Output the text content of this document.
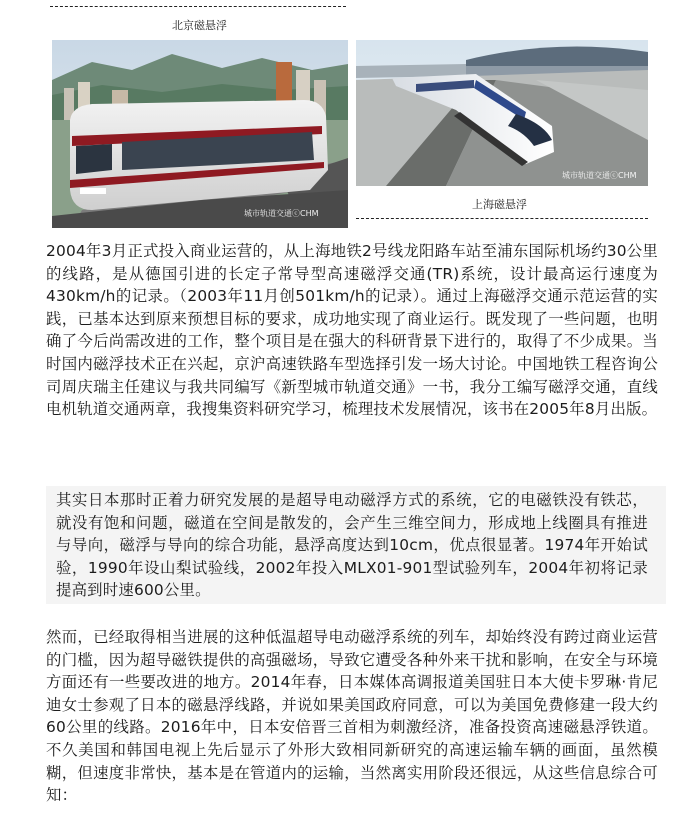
北京磁悬浮
城市轨道交通ⓒCHM
城市轨道交通ⓒCHM
上海磁悬浮

2004年3月正式投入商业运营的，从上海地铁2号线龙阳路车站至浦东国际机场约30公里的线路，是从德国引进的长定子常导型高速磁浮交通(TR)系统，设计最高运行速度为430km/h的记录。（2003年11月创501km/h的记录）。通过上海磁浮交通示范运营的实践，已基本达到原来预想目标的要求，成功地实现了商业运行。既发现了一些问题，也明确了今后尚需改进的工作，整个项目是在强大的科研背景下进行的，取得了不少成果。当时国内磁浮技术正在兴起，京沪高速铁路车型选择引发一场大讨论。中国地铁工程咨询公司周庆瑞主任建议与我共同编写《新型城市轨道交通》一书，我分工编写磁浮交通，直线电机轨道交通两章，我搜集资料研究学习，梳理技术发展情况，该书在2005年8月出版。

其实日本那时正着力研究发展的是超导电动磁浮方式的系统，它的电磁铁没有铁芯，就没有饱和问题，磁道在空间是散发的，会产生三维空间力，形成地上线圈具有推进与导向，磁浮与导向的综合功能，悬浮高度达到10cm，优点很显著。1974年开始试验，1990年设山梨试验线，2002年投入MLX01-901型试验列车，2004年初将记录提高到时速600公里。

然而，已经取得相当进展的这种低温超导电动磁浮系统的列车，却始终没有跨过商业运营的门槛，因为超导磁铁提供的高强磁场，导致它遭受各种外来干扰和影响，在安全与环境方面还有一些要改进的地方。2014年春，日本媒体高调报道美国驻日本大使卡罗琳·肯尼迪女士参观了日本的磁悬浮线路，并说如果美国政府同意，可以为美国免费修建一段大约60公里的线路。2016年中，日本安倍晋三首相为刺激经济，准备投资高速磁悬浮铁道。不久美国和韩国电视上先后显示了外形大致相同新研究的高速运输车辆的画面，虽然模糊，但速度非常快，基本是在管道内的运输，当然离实用阶段还很远，从这些信息综合可知：
